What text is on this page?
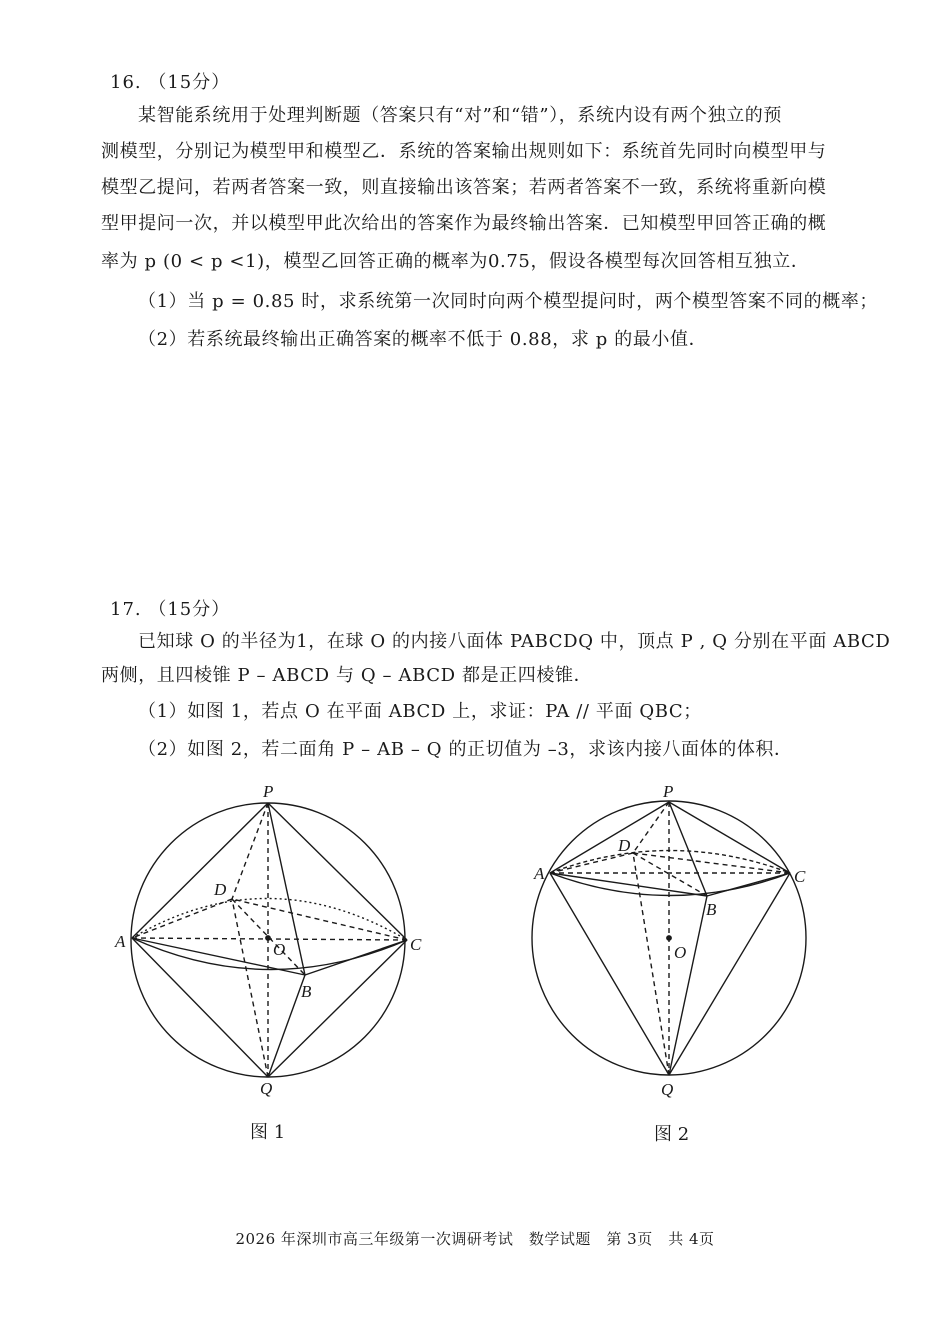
16. （15分）
某智能系统用于处理判断题（答案只有“对”和“错”），系统内设有两个独立的预
测模型，分别记为模型甲和模型乙．系统的答案输出规则如下：系统首先同时向模型甲与
模型乙提问，若两者答案一致，则直接输出该答案；若两者答案不一致，系统将重新向模
型甲提问一次，并以模型甲此次给出的答案作为最终输出答案．已知模型甲回答正确的概
率为 p (0 < p <1)，模型乙回答正确的概率为0.75，假设各模型每次回答相互独立．
（1）当 p = 0.85 时，求系统第一次同时向两个模型提问时，两个模型答案不同的概率；
（2）若系统最终输出正确答案的概率不低于 0.88，求 p 的最小值．
17. （15分）
已知球 O 的半径为1，在球 O 的内接八面体 PABCDQ 中，顶点 P , Q 分别在平面 ABCD
两侧，且四棱锥 P – ABCD 与 Q – ABCD 都是正四棱锥．
（1）如图 1，若点 O 在平面 ABCD 上，求证：PA // 平面 QBC；
（2）如图 2，若二面角 P – AB – Q 的正切值为 –3，求该内接八面体的体积．
P
A
B
C
D
O
Q
P
A
B
C
D
O
Q
图 1	图 2
2026 年深圳市高三年级第一次调研考试　数学试题　第 3页　共 4页
